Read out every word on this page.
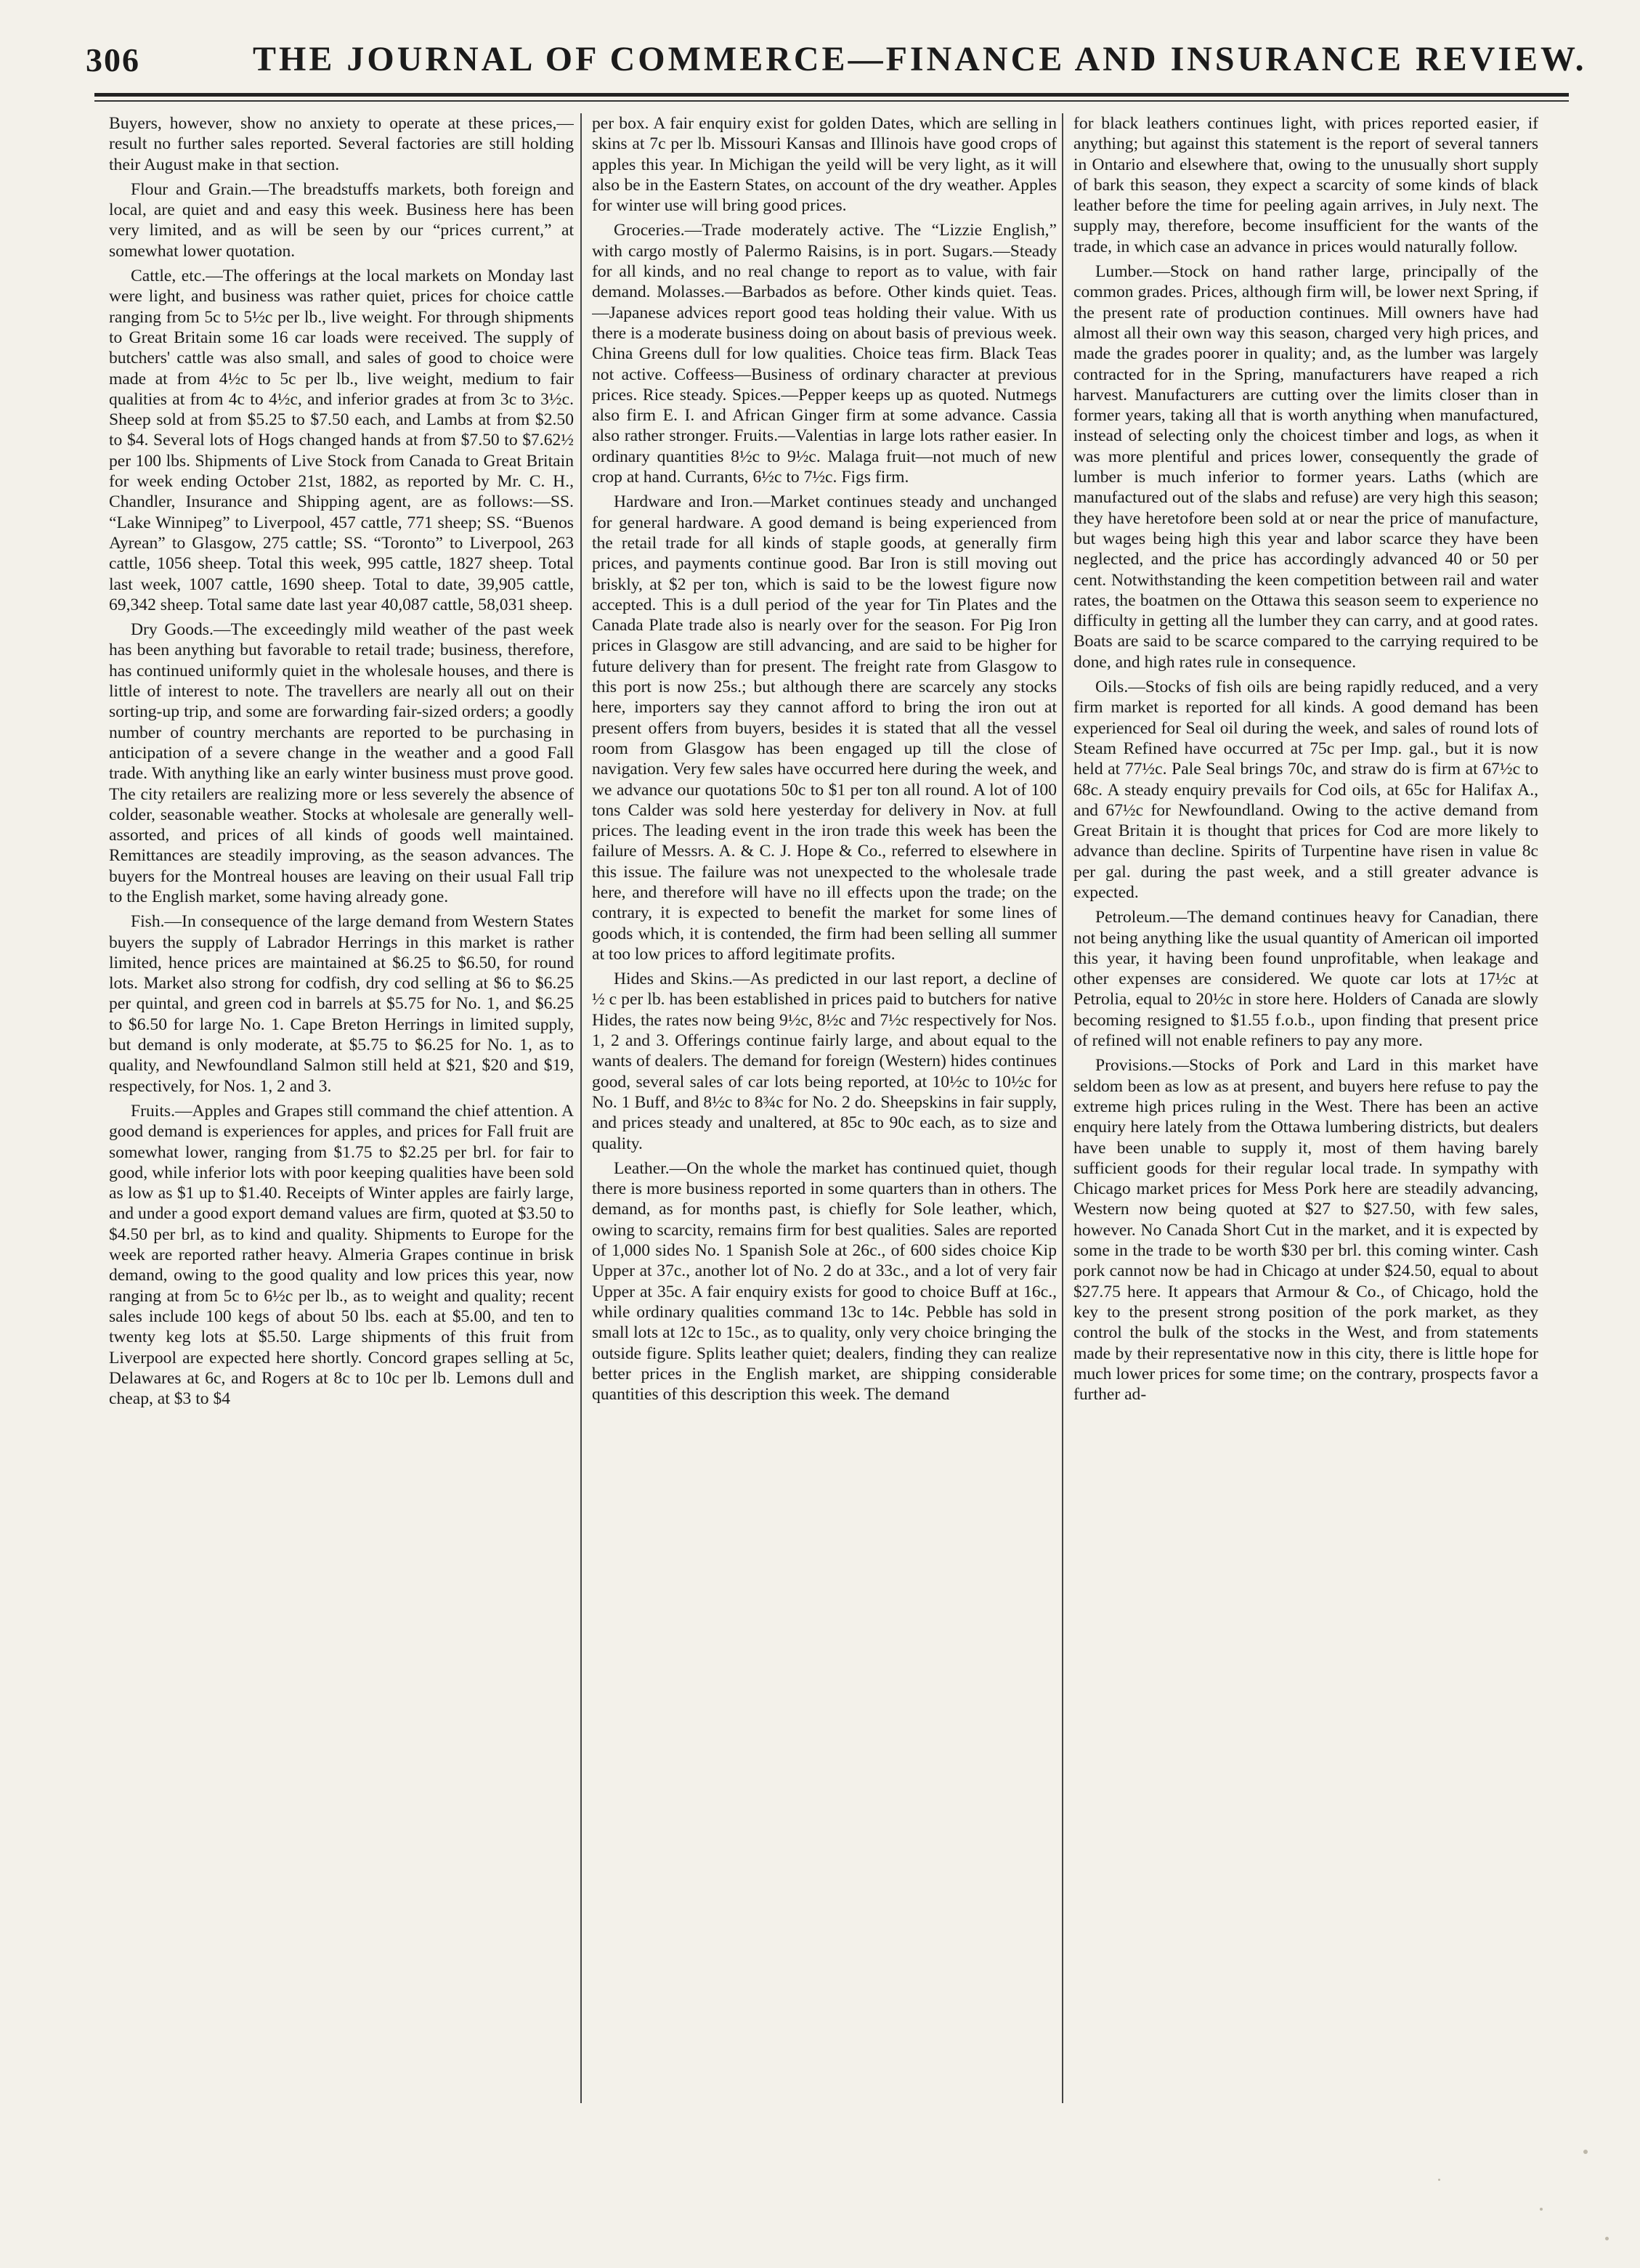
306	THE JOURNAL OF COMMERCE—FINANCE AND INSURANCE REVIEW.

Buyers, however, show no anxiety to operate at these prices,—result no further sales reported. Several factories are still holding their August make in that section.

Flour and Grain.—The breadstuffs markets, both foreign and local, are quiet and and easy this week. Business here has been very limited, and as will be seen by our “prices current,” at somewhat lower quotation.

Cattle, etc.—The offerings at the local markets on Monday last were light, and business was rather quiet, prices for choice cattle ranging from 5c to 5½c per lb., live weight. For through shipments to Great Britain some 16 car loads were received. The supply of butchers' cattle was also small, and sales of good to choice were made at from 4½c to 5c per lb., live weight, medium to fair qualities at from 4c to 4½c, and inferior grades at from 3c to 3½c. Sheep sold at from $5.25 to $7.50 each, and Lambs at from $2.50 to $4. Several lots of Hogs changed hands at from $7.50 to $7.62½ per 100 lbs. Shipments of Live Stock from Canada to Great Britain for week ending October 21st, 1882, as reported by Mr. C. H., Chandler, Insurance and Shipping agent, are as follows:—SS. “Lake Winnipeg” to Liverpool, 457 cattle, 771 sheep; SS. “Buenos Ayrean” to Glasgow, 275 cattle; SS. “Toronto” to Liverpool, 263 cattle, 1056 sheep. Total this week, 995 cattle, 1827 sheep. Total last week, 1007 cattle, 1690 sheep. Total to date, 39,905 cattle, 69,342 sheep. Total same date last year 40,087 cattle, 58,031 sheep.

Dry Goods.—The exceedingly mild weather of the past week has been anything but favorable to retail trade; business, therefore, has continued uniformly quiet in the wholesale houses, and there is little of interest to note. The travellers are nearly all out on their sorting-up trip, and some are forwarding fair-sized orders; a goodly number of country merchants are reported to be purchasing in anticipation of a severe change in the weather and a good Fall trade. With anything like an early winter business must prove good. The city retailers are realizing more or less severely the absence of colder, seasonable weather. Stocks at wholesale are generally well-assorted, and prices of all kinds of goods well maintained. Remittances are steadily improving, as the season advances. The buyers for the Montreal houses are leaving on their usual Fall trip to the English market, some having already gone.

Fish.—In consequence of the large demand from Western States buyers the supply of Labrador Herrings in this market is rather limited, hence prices are maintained at $6.25 to $6.50, for round lots. Market also strong for codfish, dry cod selling at $6 to $6.25 per quintal, and green cod in barrels at $5.75 for No. 1, and $6.25 to $6.50 for large No. 1. Cape Breton Herrings in limited supply, but demand is only moderate, at $5.75 to $6.25 for No. 1, as to quality, and Newfoundland Salmon still held at $21, $20 and $19, respectively, for Nos. 1, 2 and 3.

Fruits.—Apples and Grapes still command the chief attention. A good demand is experiences for apples, and prices for Fall fruit are somewhat lower, ranging from $1.75 to $2.25 per brl. for fair to good, while inferior lots with poor keeping qualities have been sold as low as $1 up to $1.40. Receipts of Winter apples are fairly large, and under a good export demand values are firm, quoted at $3.50 to $4.50 per brl, as to kind and quality. Shipments to Europe for the week are reported rather heavy. Almeria Grapes continue in brisk demand, owing to the good quality and low prices this year, now ranging at from 5c to 6½c per lb., as to weight and quality; recent sales include 100 kegs of about 50 lbs. each at $5.00, and ten to twenty keg lots at $5.50. Large shipments of this fruit from Liverpool are expected here shortly. Concord grapes selling at 5c, Delawares at 6c, and Rogers at 8c to 10c per lb. Lemons dull and cheap, at $3 to $4

per box. A fair enquiry exist for golden Dates, which are selling in skins at 7c per lb. Missouri Kansas and Illinois have good crops of apples this year. In Michigan the yeild will be very light, as it will also be in the Eastern States, on account of the dry weather. Apples for winter use will bring good prices.

Groceries.—Trade moderately active. The “Lizzie English,” with cargo mostly of Palermo Raisins, is in port. Sugars.—Steady for all kinds, and no real change to report as to value, with fair demand. Molasses.—Barbados as before. Other kinds quiet. Teas.—Japanese advices report good teas holding their value. With us there is a moderate business doing on about basis of previous week. China Greens dull for low qualities. Choice teas firm. Black Teas not active. Coffeess—Business of ordinary character at previous prices. Rice steady. Spices.—Pepper keeps up as quoted. Nutmegs also firm E. I. and African Ginger firm at some advance. Cassia also rather stronger. Fruits.—Valentias in large lots rather easier. In ordinary quantities 8½c to 9½c. Malaga fruit—not much of new crop at hand. Currants, 6½c to 7½c. Figs firm.

Hardware and Iron.—Market continues steady and unchanged for general hardware. A good demand is being experienced from the retail trade for all kinds of staple goods, at generally firm prices, and payments continue good. Bar Iron is still moving out briskly, at $2 per ton, which is said to be the lowest figure now accepted. This is a dull period of the year for Tin Plates and the Canada Plate trade also is nearly over for the season. For Pig Iron prices in Glasgow are still advancing, and are said to be higher for future delivery than for present. The freight rate from Glasgow to this port is now 25s.; but although there are scarcely any stocks here, importers say they cannot afford to bring the iron out at present offers from buyers, besides it is stated that all the vessel room from Glasgow has been engaged up till the close of navigation. Very few sales have occurred here during the week, and we advance our quotations 50c to $1 per ton all round. A lot of 100 tons Calder was sold here yesterday for delivery in Nov. at full prices. The leading event in the iron trade this week has been the failure of Messrs. A. & C. J. Hope & Co., referred to elsewhere in this issue. The failure was not unexpected to the wholesale trade here, and therefore will have no ill effects upon the trade; on the contrary, it is expected to benefit the market for some lines of goods which, it is contended, the firm had been selling all summer at too low prices to afford legitimate profits.

Hides and Skins.—As predicted in our last report, a decline of ½ c per lb. has been established in prices paid to butchers for native Hides, the rates now being 9½c, 8½c and 7½c respectively for Nos. 1, 2 and 3. Offerings continue fairly large, and about equal to the wants of dealers. The demand for foreign (Western) hides continues good, several sales of car lots being reported, at 10½c to 10½c for No. 1 Buff, and 8½c to 8¾c for No. 2 do. Sheepskins in fair supply, and prices steady and unaltered, at 85c to 90c each, as to size and quality.

Leather.—On the whole the market has continued quiet, though there is more business reported in some quarters than in others. The demand, as for months past, is chiefly for Sole leather, which, owing to scarcity, remains firm for best qualities. Sales are reported of 1,000 sides No. 1 Spanish Sole at 26c., of 600 sides choice Kip Upper at 37c., another lot of No. 2 do at 33c., and a lot of very fair Upper at 35c. A fair enquiry exists for good to choice Buff at 16c., while ordinary qualities command 13c to 14c. Pebble has sold in small lots at 12c to 15c., as to quality, only very choice bringing the outside figure. Splits leather quiet; dealers, finding they can realize better prices in the English market, are shipping considerable quantities of this description this week. The demand

for black leathers continues light, with prices reported easier, if anything; but against this statement is the report of several tanners in Ontario and elsewhere that, owing to the unusually short supply of bark this season, they expect a scarcity of some kinds of black leather before the time for peeling again arrives, in July next. The supply may, therefore, become insufficient for the wants of the trade, in which case an advance in prices would naturally follow.

Lumber.—Stock on hand rather large, principally of the common grades. Prices, although firm will, be lower next Spring, if the present rate of production continues. Mill owners have had almost all their own way this season, charged very high prices, and made the grades poorer in quality; and, as the lumber was largely contracted for in the Spring, manufacturers have reaped a rich harvest. Manufacturers are cutting over the limits closer than in former years, taking all that is worth anything when manufactured, instead of selecting only the choicest timber and logs, as when it was more plentiful and prices lower, consequently the grade of lumber is much inferior to former years. Laths (which are manufactured out of the slabs and refuse) are very high this season; they have heretofore been sold at or near the price of manufacture, but wages being high this year and labor scarce they have been neglected, and the price has accordingly advanced 40 or 50 per cent. Notwithstanding the keen competition between rail and water rates, the boatmen on the Ottawa this season seem to experience no difficulty in getting all the lumber they can carry, and at good rates. Boats are said to be scarce compared to the carrying required to be done, and high rates rule in consequence.

Oils.—Stocks of fish oils are being rapidly reduced, and a very firm market is reported for all kinds. A good demand has been experienced for Seal oil during the week, and sales of round lots of Steam Refined have occurred at 75c per Imp. gal., but it is now held at 77½c. Pale Seal brings 70c, and straw do is firm at 67½c to 68c. A steady enquiry prevails for Cod oils, at 65c for Halifax A., and 67½c for Newfoundland. Owing to the active demand from Great Britain it is thought that prices for Cod are more likely to advance than decline. Spirits of Turpentine have risen in value 8c per gal. during the past week, and a still greater advance is expected.

Petroleum.—The demand continues heavy for Canadian, there not being anything like the usual quantity of American oil imported this year, it having been found unprofitable, when leakage and other expenses are considered. We quote car lots at 17½c at Petrolia, equal to 20½c in store here. Holders of Canada are slowly becoming resigned to $1.55 f.o.b., upon finding that present price of refined will not enable refiners to pay any more.

Provisions.—Stocks of Pork and Lard in this market have seldom been as low as at present, and buyers here refuse to pay the extreme high prices ruling in the West. There has been an active enquiry here lately from the Ottawa lumbering districts, but dealers have been unable to supply it, most of them having barely sufficient goods for their regular local trade. In sympathy with Chicago market prices for Mess Pork here are steadily advancing, Western now being quoted at $27 to $27.50, with few sales, however. No Canada Short Cut in the market, and it is expected by some in the trade to be worth $30 per brl. this coming winter. Cash pork cannot now be had in Chicago at under $24.50, equal to about $27.75 here. It appears that Armour & Co., of Chicago, hold the key to the present strong position of the pork market, as they control the bulk of the stocks in the West, and from statements made by their representative now in this city, there is little hope for much lower prices for some time; on the contrary, prospects favor a further ad-
